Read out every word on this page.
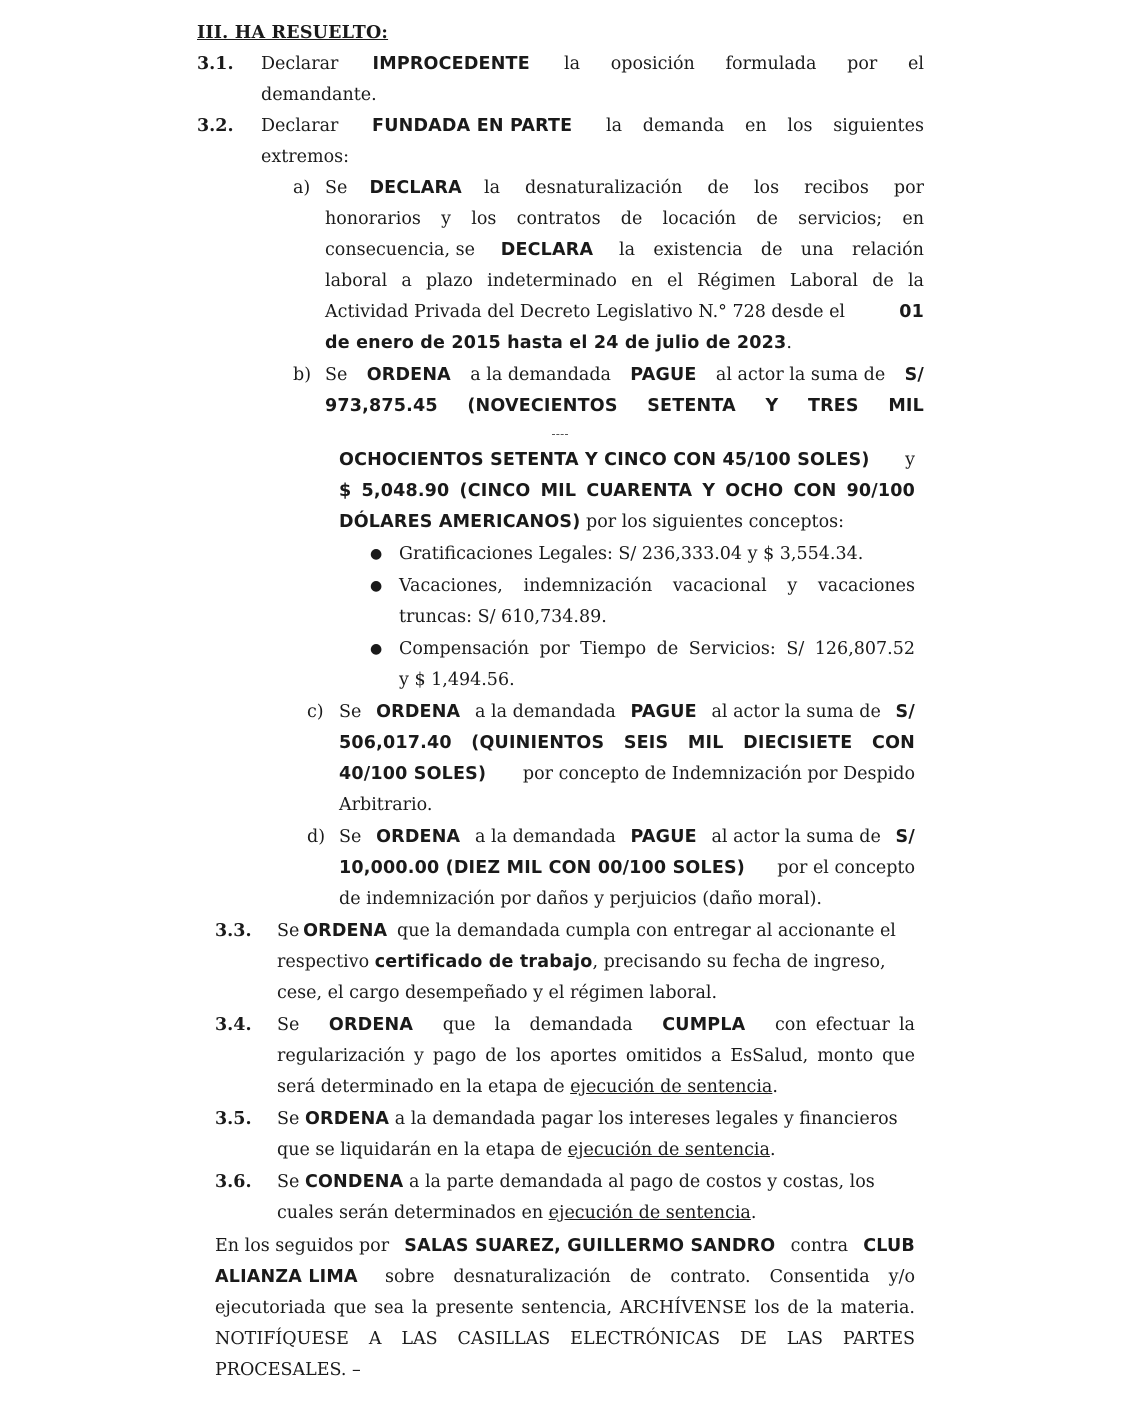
III. HA RESUELTO:
3.1. Declarar IMPROCEDENTE la oposición formulada por el
demandante.
3.2. Declarar FUNDADA EN PARTE la demanda en los siguientes
extremos:
a) Se DECLARA la desnaturalización de los recibos por
honorarios y los contratos de locación de servicios; en
consecuencia, se DECLARA la existencia de una relación
laboral a plazo indeterminado en el Régimen Laboral de la
Actividad Privada del Decreto Legislativo N.° 728 desde el	01
de enero de 2015 hasta el 24 de julio de 2023.
b) Se ORDENA a la demandada PAGUE al actor la suma de S/
973,875.45 (NOVECIENTOS SETENTA Y TRES MIL
OCHOCIENTOS SETENTA Y CINCO CON 45/100 SOLES) y
$ 5,048.90 (CINCO MIL CUARENTA Y OCHO CON 90/100
DÓLARES AMERICANOS) por los siguientes conceptos:
● Gratificaciones Legales: S/ 236,333.04 y $ 3,554.34.
● Vacaciones, indemnización vacacional y vacaciones
truncas: S/ 610,734.89.
● Compensación por Tiempo de Servicios: S/ 126,807.52
y $ 1,494.56.
c) Se ORDENA a la demandada PAGUE al actor la suma de S/
506,017.40 (QUINIENTOS SEIS MIL DIECISIETE CON
40/100 SOLES) por concepto de Indemnización por Despido
Arbitrario.
d) Se ORDENA a la demandada PAGUE al actor la suma de S/
10,000.00 (DIEZ MIL CON 00/100 SOLES) por el concepto
de indemnización por daños y perjuicios (daño moral).
3.3. Se ORDENA que la demandada cumpla con entregar al accionante el
respectivo certificado de trabajo, precisando su fecha de ingreso,
cese, el cargo desempeñado y el régimen laboral.
3.4. Se ORDENA que la demandada CUMPLA con efectuar la
regularización y pago de los aportes omitidos a EsSalud, monto que
será determinado en la etapa de ejecución de sentencia.
3.5. Se ORDENA a la demandada pagar los intereses legales y financieros
que se liquidarán en la etapa de ejecución de sentencia.
3.6. Se CONDENA a la parte demandada al pago de costos y costas, los
cuales serán determinados en ejecución de sentencia.
En los seguidos por SALAS SUAREZ, GUILLERMO SANDRO contra CLUB
ALIANZA LIMA sobre desnaturalización de contrato. Consentida y/o
ejecutoriada que sea la presente sentencia, ARCHÍVENSE los de la materia.
NOTIFÍQUESE A LAS CASILLAS ELECTRÓNICAS DE LAS PARTES
PROCESALES. –
